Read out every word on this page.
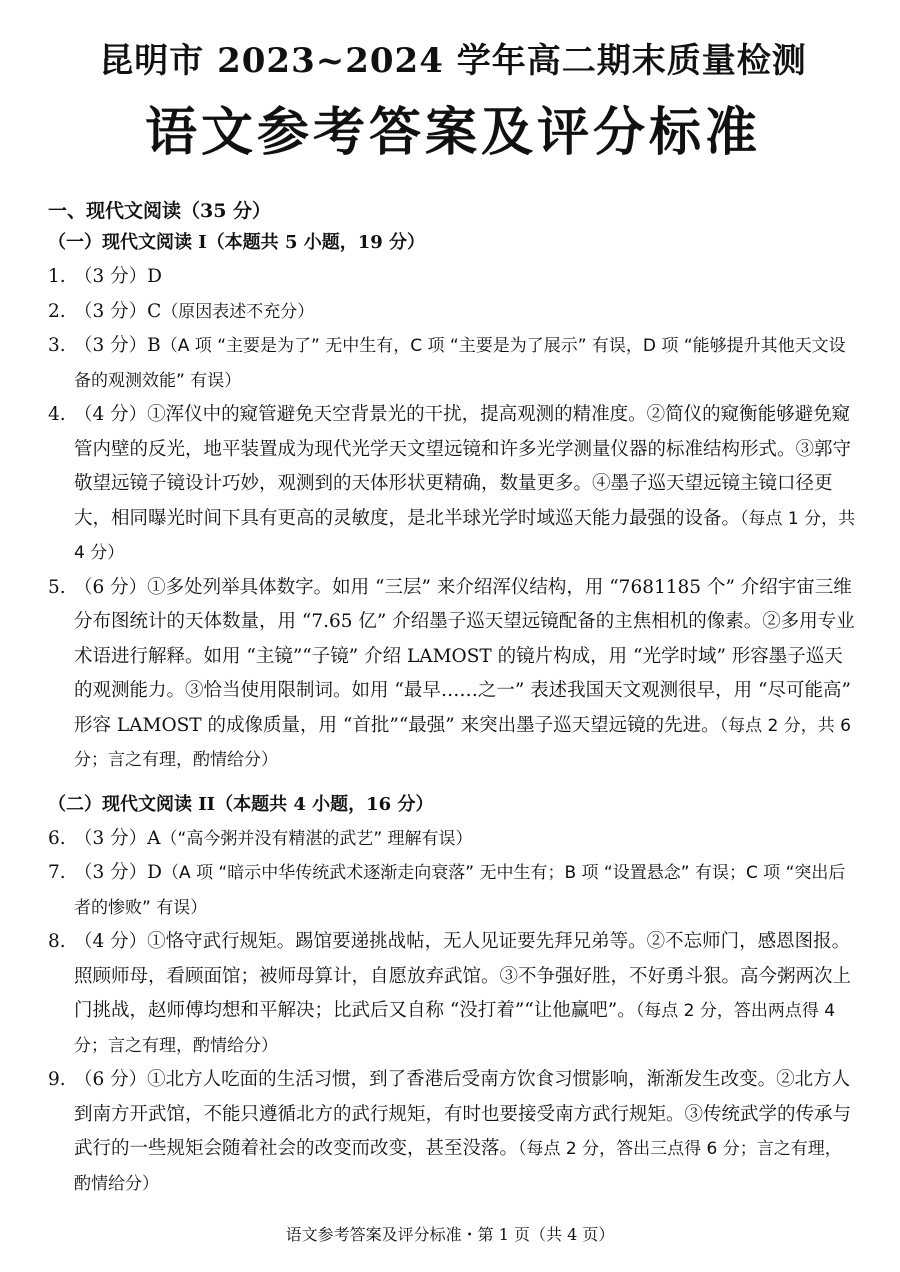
昆明市 2023~2024 学年高二期末质量检测
语文参考答案及评分标准

一、现代文阅读（35 分）

（一）现代文阅读 I（本题共 5 小题，19 分）

1. （3 分）D

2. （3 分）C（原因表述不充分）

3. （3 分）B（A 项 “主要是为了” 无中生有，C 项 “主要是为了展示” 有误，D 项 “能够提升其他天文设备的观测效能” 有误）

4. （4 分）①浑仪中的窥管避免天空背景光的干扰，提高观测的精准度。②简仪的窥衡能够避免窥管内壁的反光，地平装置成为现代光学天文望远镜和许多光学测量仪器的标准结构形式。③郭守敬望远镜子镜设计巧妙，观测到的天体形状更精确，数量更多。④墨子巡天望远镜主镜口径更大，相同曝光时间下具有更高的灵敏度，是北半球光学时域巡天能力最强的设备。（每点 1 分，共 4 分）

5. （6 分）①多处列举具体数字。如用 “三层” 来介绍浑仪结构，用 “7681185 个” 介绍宇宙三维分布图统计的天体数量，用 “7.65 亿” 介绍墨子巡天望远镜配备的主焦相机的像素。②多用专业术语进行解释。如用 “主镜”“子镜” 介绍 LAMOST 的镜片构成，用 “光学时域” 形容墨子巡天的观测能力。③恰当使用限制词。如用 “最早……之一” 表述我国天文观测很早，用 “尽可能高” 形容 LAMOST 的成像质量，用 “首批”“最强” 来突出墨子巡天望远镜的先进。（每点 2 分，共 6 分；言之有理，酌情给分）

（二）现代文阅读 II（本题共 4 小题，16 分）

6. （3 分）A（“高今粥并没有精湛的武艺” 理解有误）

7. （3 分）D（A 项 “暗示中华传统武术逐渐走向衰落” 无中生有；B 项 “设置悬念” 有误；C 项 “突出后者的惨败” 有误）

8. （4 分）①恪守武行规矩。踢馆要递挑战帖，无人见证要先拜兄弟等。②不忘师门，感恩图报。照顾师母，看顾面馆；被师母算计，自愿放弃武馆。③不争强好胜，不好勇斗狠。高今粥两次上门挑战，赵师傅均想和平解决；比武后又自称 “没打着”“让他赢吧”。（每点 2 分，答出两点得 4 分；言之有理，酌情给分）

9. （6 分）①北方人吃面的生活习惯，到了香港后受南方饮食习惯影响，渐渐发生改变。②北方人到南方开武馆，不能只遵循北方的武行规矩，有时也要接受南方武行规矩。③传统武学的传承与武行的一些规矩会随着社会的改变而改变，甚至没落。（每点 2 分，答出三点得 6 分；言之有理，酌情给分）

语文参考答案及评分标准・第 1 页（共 4 页）
